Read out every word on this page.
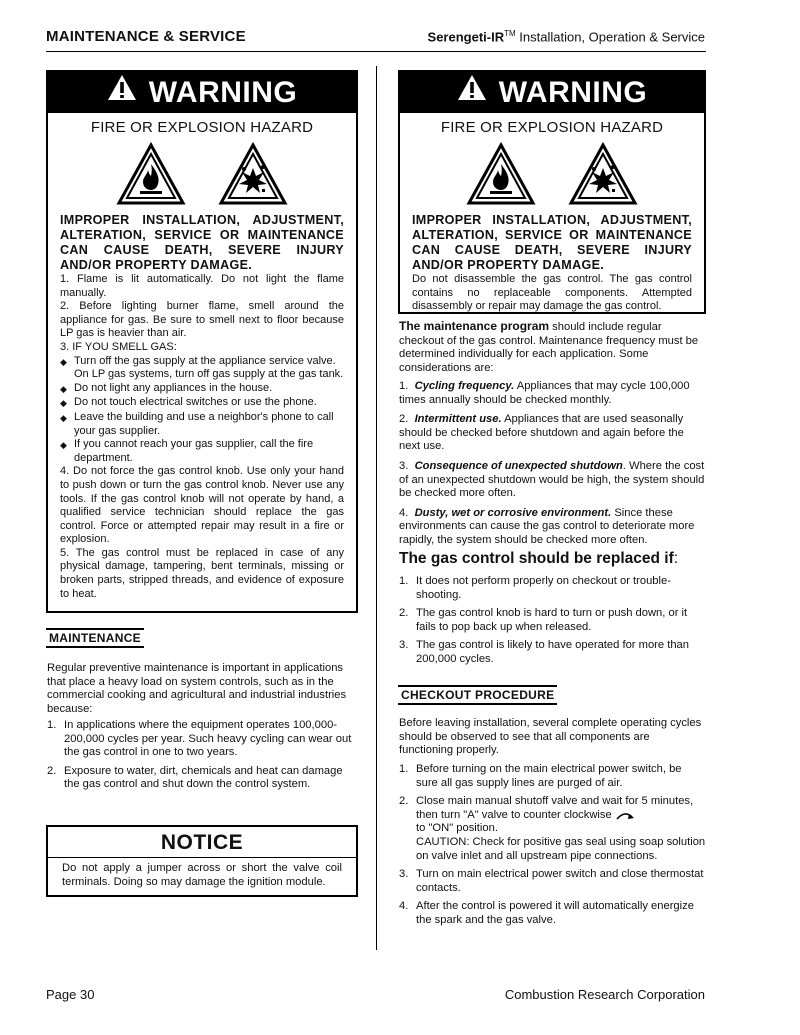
MAINTENANCE & SERVICE	Serengeti-IR™ Installation, Operation & Service
WARNING
FIRE OR EXPLOSION HAZARD

IMPROPER INSTALLATION, ADJUSTMENT, ALTERATION, SERVICE OR MAINTENANCE CAN CAUSE DEATH, SEVERE INJURY AND/OR PROPERTY DAMAGE.

1. Flame is lit automatically. Do not light the flame manually.

2. Before lighting burner flame, smell around the appliance for gas. Be sure to smell next to floor because LP gas is heavier than air.

3. IF YOU SMELL GAS:

◆ Turn off the gas supply at the appliance service valve. On LP gas systems, turn off gas supply at the gas tank.
◆ Do not light any appliances in the house.
◆ Do not touch electrical switches or use the phone.
◆ Leave the building and use a neighbor's phone to call your gas supplier.
◆ If you cannot reach your gas supplier, call the fire department.

4. Do not force the gas control knob. Use only your hand to push down or turn the gas control knob. Never use any tools. If the gas control knob will not operate by hand, a qualified service technician should replace the gas control. Force or attempted repair may result in a fire or explosion.

5. The gas control must be replaced in case of any physical damage, tampering, bent terminals, missing or broken parts, stripped threads, and evidence of exposure to heat.

MAINTENANCE
Regular preventive maintenance is important in applications that place a heavy load on system controls, such as in the commercial cooking and agricultural and industrial industries because:
1. In applications where the equipment operates 100,000-200,000 cycles per year. Such heavy cycling can wear out the gas control in one to two years.
2. Exposure to water, dirt, chemicals and heat can damage the gas control and shut down the control system.
NOTICE
Do not apply a jumper across or short the valve coil terminals. Doing so may damage the ignition module.
WARNING
FIRE OR EXPLOSION HAZARD

IMPROPER INSTALLATION, ADJUSTMENT, ALTERATION, SERVICE OR MAINTENANCE CAN CAUSE DEATH, SEVERE INJURY AND/OR PROPERTY DAMAGE.
Do not disassemble the gas control. The gas control contains no replaceable components. Attempted disassembly or repair may damage the gas control.
The maintenance program should include regular checkout of the gas control. Maintenance frequency must be determined individually for each application. Some considerations are:
1. Cycling frequency. Appliances that may cycle 100,000 times annually should be checked monthly.
2. Intermittent use. Appliances that are used seasonally should be checked before shutdown and again before the next use.
3. Consequence of unexpected shutdown. Where the cost of an unexpected shutdown would be high, the system should be checked more often.
4. Dusty, wet or corrosive environment. Since these environments can cause the gas control to deteriorate more rapidly, the system should be checked more often.
The gas control should be replaced if:
1. It does not perform properly on checkout or trouble-shooting.
2. The gas control knob is hard to turn or push down, or it fails to pop back up when released.
3. The gas control is likely to have operated for more than 200,000 cycles.
CHECKOUT PROCEDURE
Before leaving installation, several complete operating cycles should be observed to see that all components are functioning properly.
1. Before turning on the main electrical power switch, be sure all gas supply lines are purged of air.
2. Close main manual shutoff valve and wait for 5 minutes, then turn "A" valve to counter clockwise
to "ON" position.
CAUTION: Check for positive gas seal using soap solution on valve inlet and all upstream pipe connections.
3. Turn on main electrical power switch and close thermostat contacts.
4. After the control is powered it will automatically energize the spark and the gas valve.
Page 30	Combustion Research Corporation
